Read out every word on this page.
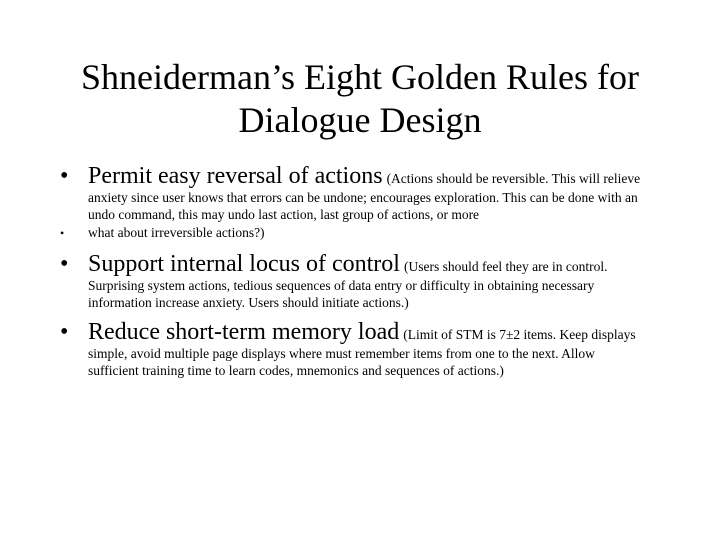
Shneiderman’s Eight Golden Rules for
Dialogue Design
• Permit easy reversal of actions (Actions should be reversible. This will relieve
anxiety since user knows that errors can be undone; encourages exploration. This can be done with an
undo command, this may undo last action, last group of actions, or more
• what about irreversible actions?)
• Support internal locus of control (Users should feel they are in control.
Surprising system actions, tedious sequences of data entry or difficulty in obtaining necessary
information increase anxiety. Users should initiate actions.)
• Reduce short-term memory load (Limit of STM is 7±2 items. Keep displays
simple, avoid multiple page displays where must remember items from one to the next. Allow
sufficient training time to learn codes, mnemonics and sequences of actions.)
